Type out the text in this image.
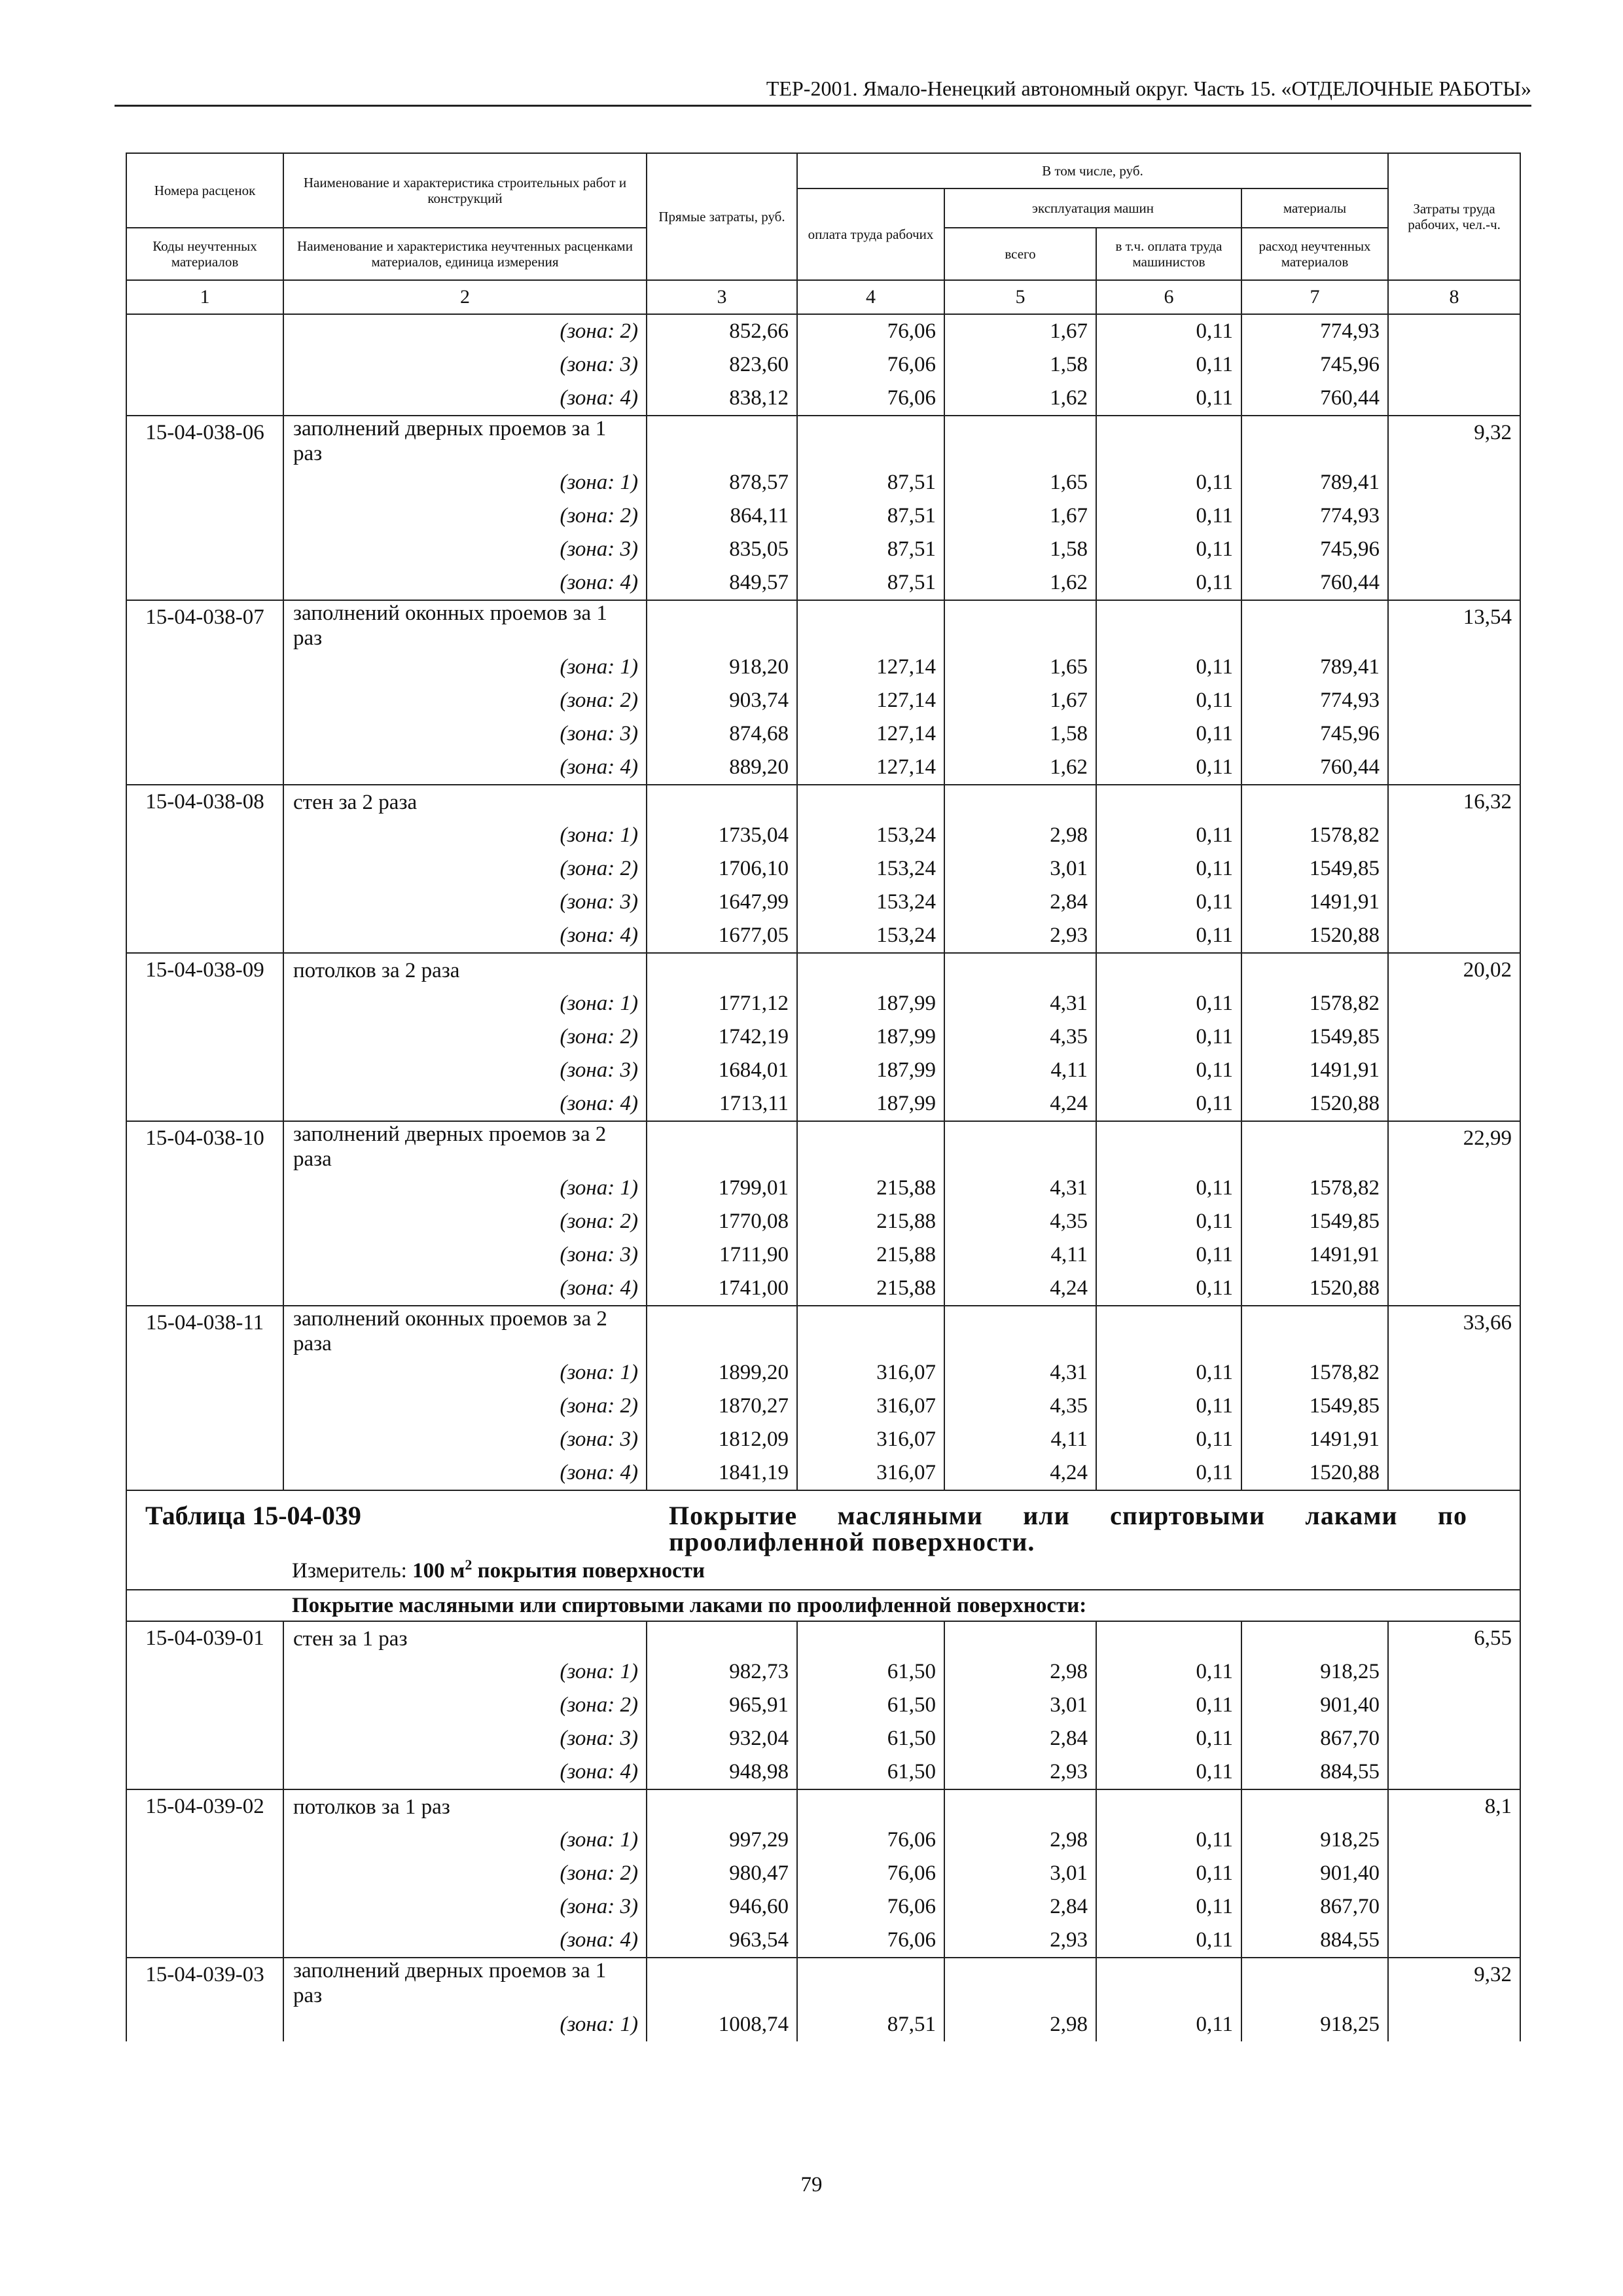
ТЕР-2001. Ямало-Ненецкий автономный округ. Часть 15. «ОТДЕЛОЧНЫЕ РАБОТЫ»
Номера расценок	Наименование и характеристика строительных работ и конструкций	Прямые затраты, руб.	В том числе, руб.				Затраты труда рабочих, чел.-ч.
			оплата труда рабочих	эксплуатация машин		материалы	
Коды неучтенных материалов	Наименование и характеристика неучтенных расценками материалов, единица измерения			всего	в т.ч. оплата труда машинистов	расход неучтенных материалов	

1	2	3	4	5	6	7	8
	(зона: 2)	852,66	76,06	1,67	0,11	774,93	
	(зона: 3)	823,60	76,06	1,58	0,11	745,96	
	(зона: 4)	838,12	76,06	1,62	0,11	760,44	
15-04-038-06	заполнений дверных проемов за 1 раз						9,32
	(зона: 1)	878,57	87,51	1,65	0,11	789,41	
	(зона: 2)	864,11	87,51	1,67	0,11	774,93	
	(зона: 3)	835,05	87,51	1,58	0,11	745,96	
	(зона: 4)	849,57	87,51	1,62	0,11	760,44	
15-04-038-07	заполнений оконных проемов за 1 раз						13,54
	(зона: 1)	918,20	127,14	1,65	0,11	789,41	
	(зона: 2)	903,74	127,14	1,67	0,11	774,93	
	(зона: 3)	874,68	127,14	1,58	0,11	745,96	
	(зона: 4)	889,20	127,14	1,62	0,11	760,44	
15-04-038-08	стен за 2 раза						16,32
	(зона: 1)	1735,04	153,24	2,98	0,11	1578,82	
	(зона: 2)	1706,10	153,24	3,01	0,11	1549,85	
	(зона: 3)	1647,99	153,24	2,84	0,11	1491,91	
	(зона: 4)	1677,05	153,24	2,93	0,11	1520,88	
15-04-038-09	потолков за 2 раза						20,02
	(зона: 1)	1771,12	187,99	4,31	0,11	1578,82	
	(зона: 2)	1742,19	187,99	4,35	0,11	1549,85	
	(зона: 3)	1684,01	187,99	4,11	0,11	1491,91	
	(зона: 4)	1713,11	187,99	4,24	0,11	1520,88	
15-04-038-10	заполнений дверных проемов за 2 раза						22,99
	(зона: 1)	1799,01	215,88	4,31	0,11	1578,82	
	(зона: 2)	1770,08	215,88	4,35	0,11	1549,85	
	(зона: 3)	1711,90	215,88	4,11	0,11	1491,91	
	(зона: 4)	1741,00	215,88	4,24	0,11	1520,88	
15-04-038-11	заполнений оконных проемов за 2 раза						33,66
	(зона: 1)	1899,20	316,07	4,31	0,11	1578,82	
	(зона: 2)	1870,27	316,07	4,35	0,11	1549,85	
	(зона: 3)	1812,09	316,07	4,11	0,11	1491,91	
	(зона: 4)	1841,19	316,07	4,24	0,11	1520,88	

Таблица 15-04-039 Покрытие масляными или спиртовыми лаками по проолифленной поверхности.
Измеритель: 100 $м^2$ покрытия поверхности							

Покрытие масляными или спиртовыми лаками по проолифленной поверхности:							
15-04-039-01	стен за 1 раз						6,55
	(зона: 1)	982,73	61,50	2,98	0,11	918,25	
	(зона: 2)	965,91	61,50	3,01	0,11	901,40	
	(зона: 3)	932,04	61,50	2,84	0,11	867,70	
	(зона: 4)	948,98	61,50	2,93	0,11	884,55	
15-04-039-02	потолков за 1 раз						8,1
	(зона: 1)	997,29	76,06	2,98	0,11	918,25	
	(зона: 2)	980,47	76,06	3,01	0,11	901,40	
	(зона: 3)	946,60	76,06	2,84	0,11	867,70	
	(зона: 4)	963,54	76,06	2,93	0,11	884,55	
15-04-039-03	заполнений дверных проемов за 1 раз						9,32
	(зона: 1)	1008,74	87,51	2,98	0,11	918,25	
79
